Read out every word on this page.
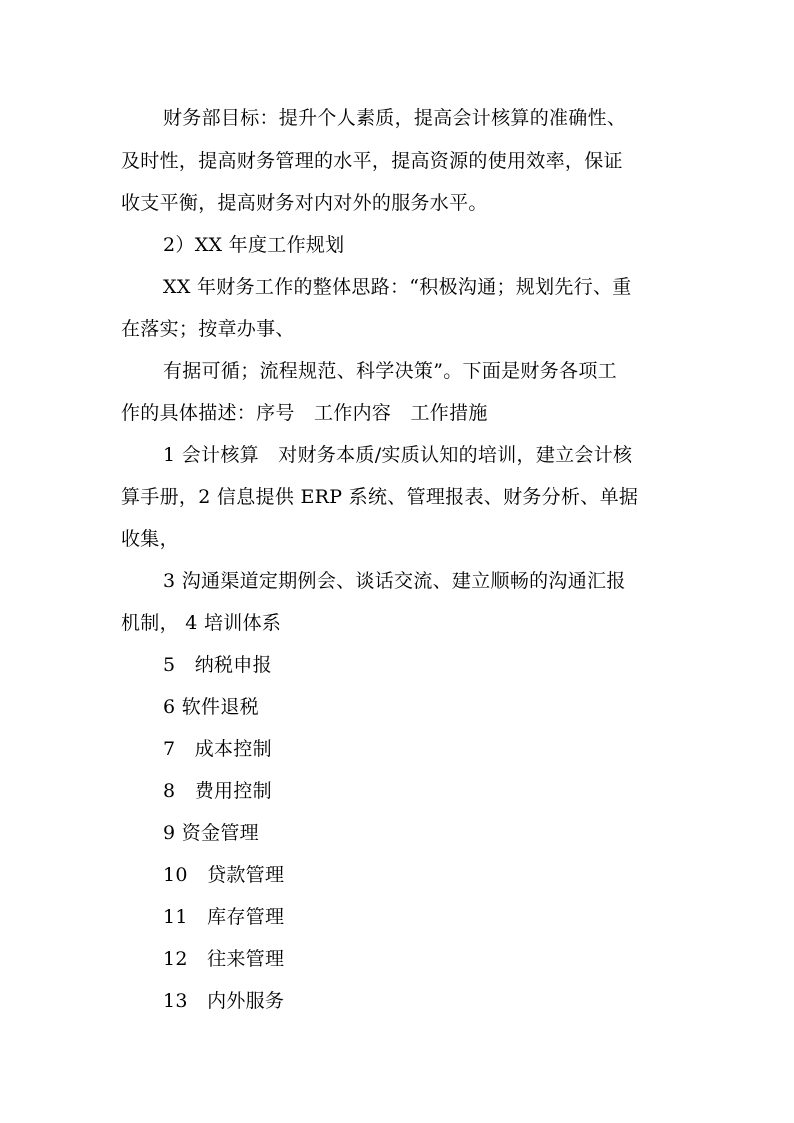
财务部目标：提升个人素质，提高会计核算的准确性、
及时性，提高财务管理的水平，提高资源的使用效率，保证
收支平衡，提高财务对内对外的服务水平。
2）XX 年度工作规划
XX 年财务工作的整体思路：“积极沟通；规划先行、重
在落实；按章办事、
有据可循；流程规范、科学决策”。下面是财务各项工
作的具体描述：序号　工作内容　工作措施
1 会计核算　对财务本质/实质认知的培训，建立会计核
算手册，2 信息提供 ERP 系统、管理报表、财务分析、单据
收集，
3 沟通渠道定期例会、谈话交流、建立顺畅的沟通汇报
机制， 4 培训体系
5　纳税申报
6 软件退税
7　成本控制
8　费用控制
9 资金管理
10　贷款管理
11　库存管理
12　往来管理
13　内外服务
